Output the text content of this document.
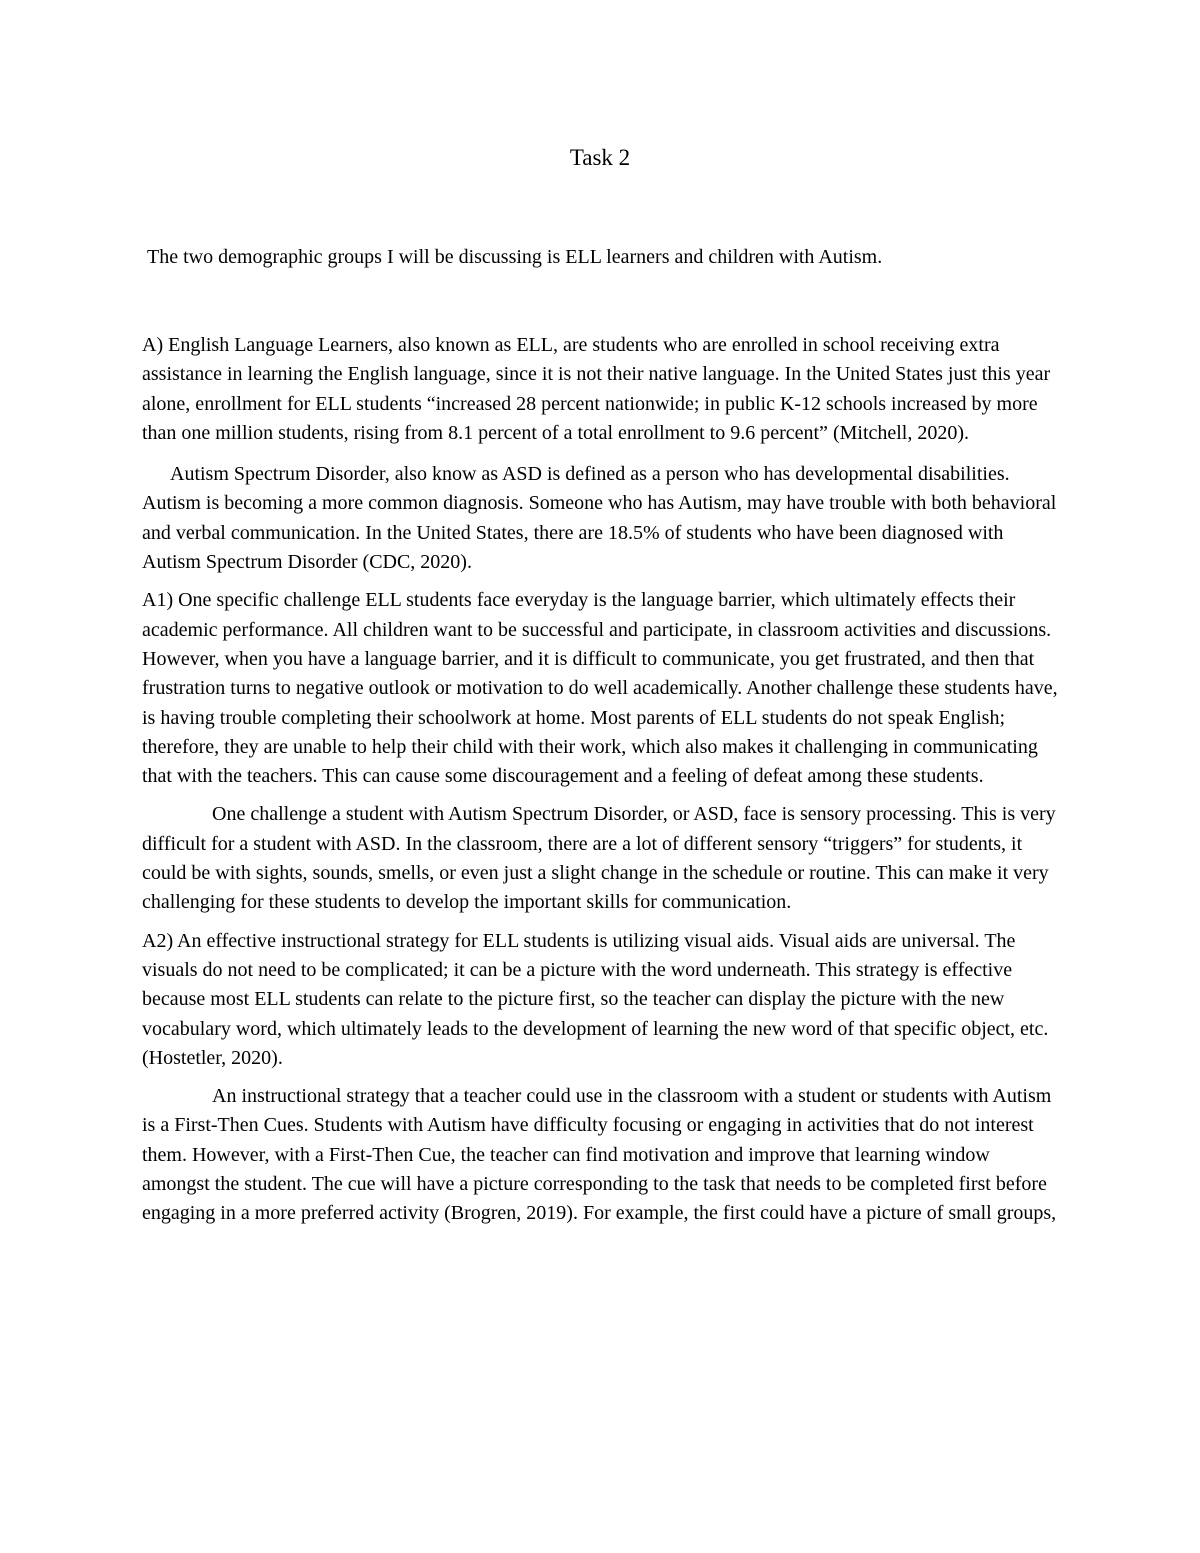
Task 2

The two demographic groups I will be discussing is ELL learners and children with Autism.

A) English Language Learners, also known as ELL, are students who are enrolled in school receiving extra assistance in learning the English language, since it is not their native language. In the United States just this year alone, enrollment for ELL students “increased 28 percent nationwide; in public K-12 schools increased by more than one million students, rising from 8.1 percent of a total enrollment to 9.6 percent” (Mitchell, 2020).

Autism Spectrum Disorder, also know as ASD is defined as a person who has developmental disabilities. Autism is becoming a more common diagnosis. Someone who has Autism, may have trouble with both behavioral and verbal communication. In the United States, there are 18.5% of students who have been diagnosed with Autism Spectrum Disorder (CDC, 2020).

A1) One specific challenge ELL students face everyday is the language barrier, which ultimately effects their academic performance. All children want to be successful and participate, in classroom activities and discussions. However, when you have a language barrier, and it is difficult to communicate, you get frustrated, and then that frustration turns to negative outlook or motivation to do well academically. Another challenge these students have, is having trouble completing their schoolwork at home. Most parents of ELL students do not speak English; therefore, they are unable to help their child with their work, which also makes it challenging in communicating that with the teachers. This can cause some discouragement and a feeling of defeat among these students.

One challenge a student with Autism Spectrum Disorder, or ASD, face is sensory processing. This is very difficult for a student with ASD. In the classroom, there are a lot of different sensory “triggers” for students, it could be with sights, sounds, smells, or even just a slight change in the schedule or routine. This can make it very challenging for these students to develop the important skills for communication.

A2) An effective instructional strategy for ELL students is utilizing visual aids. Visual aids are universal. The visuals do not need to be complicated; it can be a picture with the word underneath. This strategy is effective because most ELL students can relate to the picture first, so the teacher can display the picture with the new vocabulary word, which ultimately leads to the development of learning the new word of that specific object, etc. (Hostetler, 2020).

An instructional strategy that a teacher could use in the classroom with a student or students with Autism is a First-Then Cues. Students with Autism have difficulty focusing or engaging in activities that do not interest them. However, with a First-Then Cue, the teacher can find motivation and improve that learning window amongst the student. The cue will have a picture corresponding to the task that needs to be completed first before engaging in a more preferred activity (Brogren, 2019). For example, the first could have a picture of small groups,
